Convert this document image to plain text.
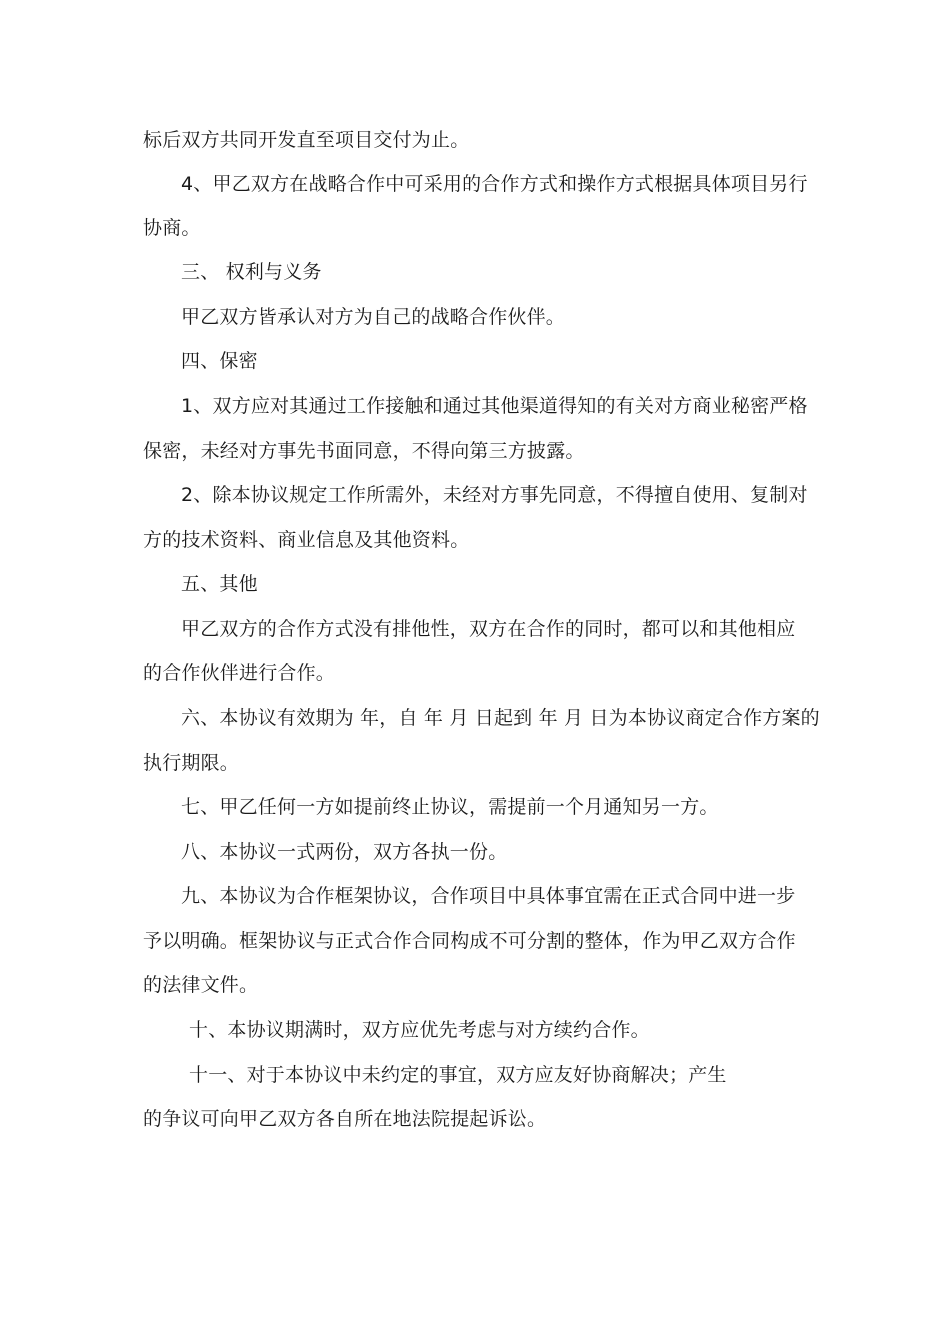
标后双方共同开发直至项目交付为止。
4、甲乙双方在战略合作中可采用的合作方式和操作方式根据具体项目另行
协商。
三、 权利与义务
甲乙双方皆承认对方为自己的战略合作伙伴。
四、保密
1、双方应对其通过工作接触和通过其他渠道得知的有关对方商业秘密严格
保密，未经对方事先书面同意，不得向第三方披露。
2、除本协议规定工作所需外，未经对方事先同意，不得擅自使用、复制对
方的技术资料、商业信息及其他资料。
五、其他
甲乙双方的合作方式没有排他性，双方在合作的同时，都可以和其他相应
的合作伙伴进行合作。
六、本协议有效期为 年，自 年 月 日起到 年 月 日为本协议商定合作方案的
执行期限。
七、甲乙任何一方如提前终止协议，需提前一个月通知另一方。
八、本协议一式两份，双方各执一份。
九、本协议为合作框架协议，合作项目中具体事宜需在正式合同中进一步
予以明确。框架协议与正式合作合同构成不可分割的整体，作为甲乙双方合作
的法律文件。
十、本协议期满时，双方应优先考虑与对方续约合作。
十一、对于本协议中未约定的事宜，双方应友好协商解决；产生
的争议可向甲乙双方各自所在地法院提起诉讼。
